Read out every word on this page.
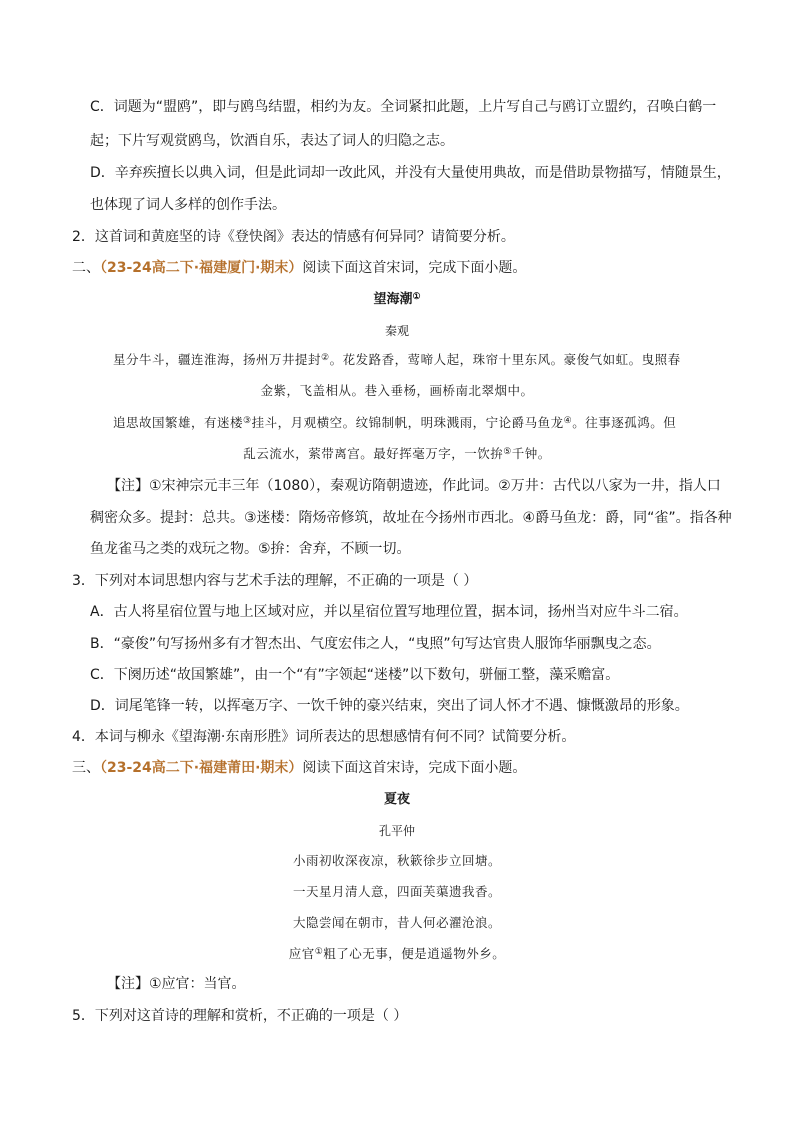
C．词题为“盟鸥”，即与鸥鸟结盟，相约为友。全词紧扣此题，上片写自己与鸥订立盟约，召唤白鹤一
起；下片写观赏鸥鸟，饮酒自乐，表达了词人的归隐之志。
D．辛弃疾擅长以典入词，但是此词却一改此风，并没有大量使用典故，而是借助景物描写，情随景生，
也体现了词人多样的创作手法。
2．这首词和黄庭坚的诗《登快阁》表达的情感有何异同？请简要分析。
二、（23-24高二下·福建厦门·期末）阅读下面这首宋词，完成下面小题。
望海潮①
秦观
星分牛斗，疆连淮海，扬州万井提封②。花发路香，莺啼人起，珠帘十里东风。豪俊气如虹。曳照春
金紫，飞盖相从。巷入垂杨，画桥南北翠烟中。
追思故国繁雄，有迷楼③挂斗，月观横空。纹锦制帆，明珠溅雨，宁论爵马鱼龙④。往事逐孤鸿。但
乱云流水，萦带离宫。最好挥毫万字，一饮拚⑤千钟。
【注】①宋神宗元丰三年（1080），秦观访隋朝遗迹，作此词。②万井：古代以八家为一井，指人口
稠密众多。提封：总共。③迷楼：隋炀帝修筑，故址在今扬州市西北。④爵马鱼龙：爵，同“雀”。指各种
鱼龙雀马之类的戏玩之物。⑤拚：舍弃，不顾一切。
3．下列对本词思想内容与艺术手法的理解，不正确的一项是（ ）
A．古人将星宿位置与地上区域对应，并以星宿位置写地理位置，据本词，扬州当对应牛斗二宿。
B．“豪俊”句写扬州多有才智杰出、气度宏伟之人，“曳照”句写达官贵人服饰华丽飘曳之态。
C．下阕历述“故国繁雄”，由一个“有”字领起“迷楼”以下数句，骈俪工整，藻采赡富。
D．词尾笔锋一转，以挥毫万字、一饮千钟的豪兴结束，突出了词人怀才不遇、慷慨激昂的形象。
4．本词与柳永《望海潮·东南形胜》词所表达的思想感情有何不同？试简要分析。
三、（23-24高二下·福建莆田·期末）阅读下面这首宋诗，完成下面小题。
夏夜
孔平仲
小雨初收深夜凉，秋簌徐步立回塘。
一天星月清人意，四面芙蕖遗我香。
大隐尝闻在朝市，昔人何必濯沧浪。
应官①粗了心无事，便是逍遥物外乡。
【注】①应官：当官。
5．下列对这首诗的理解和赏析，不正确的一项是（ ）
